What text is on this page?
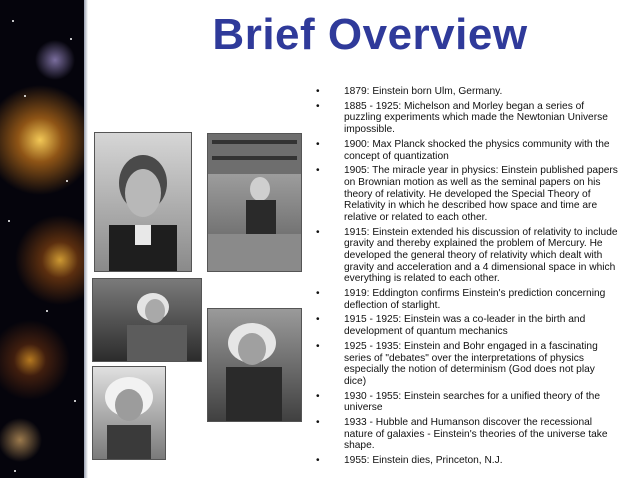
Brief Overview
• 1879: Einstein born Ulm, Germany.
• 1885 - 1925: Michelson and Morley began a series of puzzling experiments which made the Newtonian Universe impossible.
• 1900: Max Planck shocked the physics community with the concept of quantization
• 1905: The miracle year in physics: Einstein published papers on Brownian motion as well as the seminal papers on his theory of relativity. He developed the Special Theory of Relativity in which he described how space and time are relative or related to each other.
• 1915: Einstein extended his discussion of relativity to include gravity and thereby explained the problem of Mercury. He developed the general theory of relativity which dealt with gravity and acceleration and a 4 dimensional space in which everything is related to each other.
• 1919: Eddington confirms Einstein's prediction concerning deflection of starlight.
• 1915 - 1925: Einstein was a co-leader in the birth and development of quantum mechanics
• 1925 - 1935: Einstein and Bohr engaged in a fascinating series of "debates" over the interpretations of physics especially the notion of determinism (God does not play dice)
• 1930 - 1955: Einstein searches for a unified theory of the universe
• 1933 - Hubble and Humanson discover the recessional nature of galaxies - Einstein's theories of the universe take shape.
• 1955: Einstein dies, Princeton, N.J.
